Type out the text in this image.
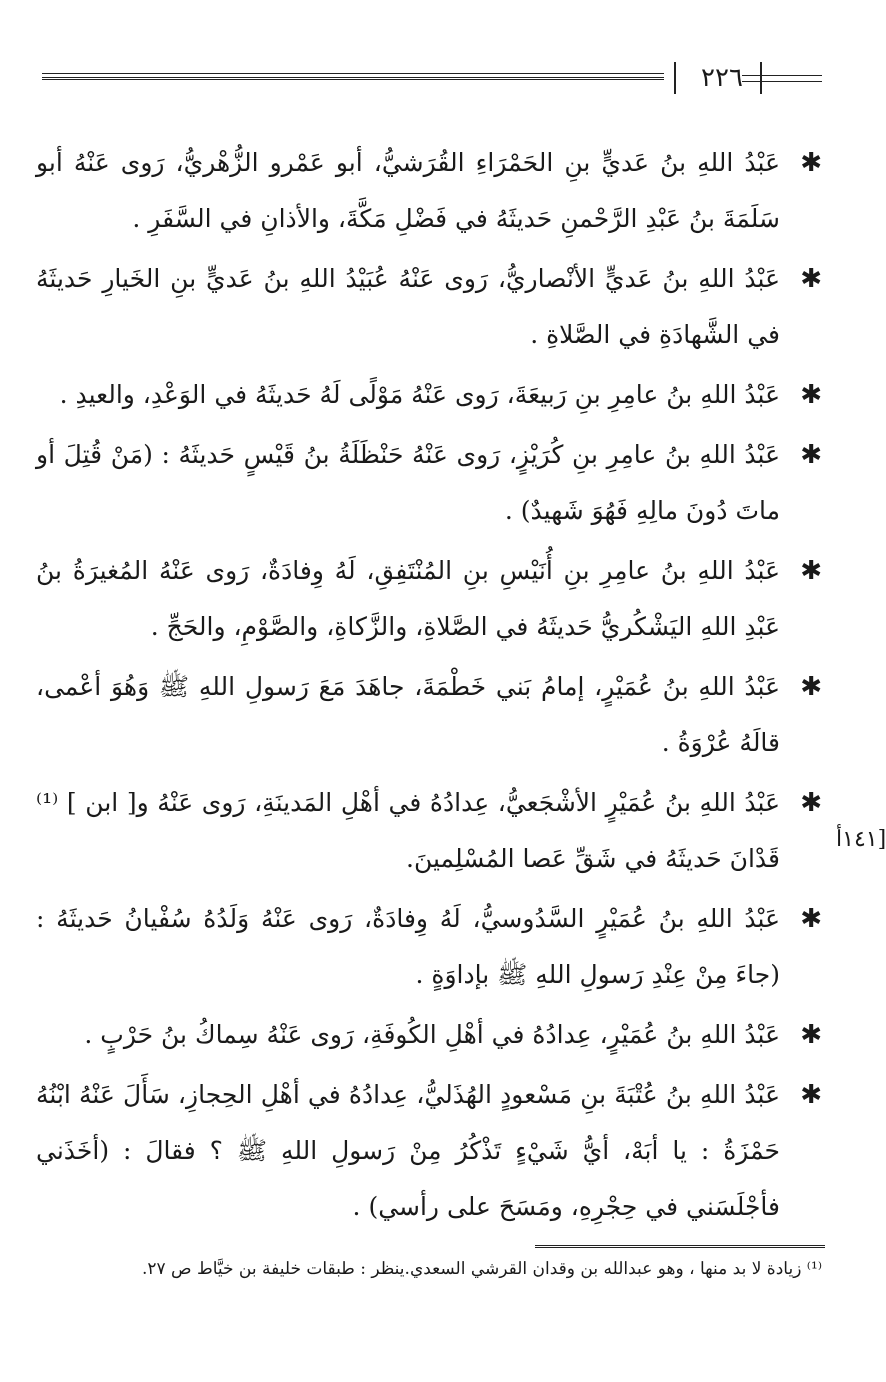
٢٢٦
✱
عَبْدُ اللهِ بنُ عَديٍّ بنِ الحَمْرَاءِ القُرَشيُّ، أبو عَمْرو الزُّهْريُّ، رَوى عَنْهُ أبو سَلَمَةَ بنُ عَبْدِ الرَّحْمنِ حَديثَهُ في فَضْلِ مَكَّةَ، والأذانِ في السَّفَرِ .
✱
عَبْدُ اللهِ بنُ عَديٍّ الأنْصاريُّ، رَوى عَنْهُ عُبَيْدُ اللهِ بنُ عَديٍّ بنِ الخَيارِ حَديثَهُ في الشَّهادَةِ في الصَّلاةِ .
✱
عَبْدُ اللهِ بنُ عامِرِ بنِ رَبيعَةَ، رَوى عَنْهُ مَوْلًى لَهُ حَديثَهُ في الوَعْدِ، والعيدِ .
✱
عَبْدُ اللهِ بنُ عامِرِ بنِ كُرَيْزٍ، رَوى عَنْهُ حَنْظَلَةُ بنُ قَيْسٍ حَديثَهُ : (مَنْ قُتِلَ أو ماتَ دُونَ مالِهِ فَهُوَ شَهيدٌ) .
✱
عَبْدُ اللهِ بنُ عامِرِ بنِ أُنَيْسِ بنِ المُنْتَفِقِ، لَهُ وِفادَةٌ، رَوى عَنْهُ المُغيرَةُ بنُ عَبْدِ اللهِ اليَشْكُريُّ حَديثَهُ في الصَّلاةِ، والزَّكاةِ، والصَّوْمِ، والحَجِّ .
✱
عَبْدُ اللهِ بنُ عُمَيْرٍ، إمامُ بَني خَطْمَةَ، جاهَدَ مَعَ رَسولِ اللهِ ﷺ وَهُوَ أعْمى، قالَهُ عُرْوَةُ .
✱
عَبْدُ اللهِ بنُ عُمَيْرٍ الأشْجَعيُّ، عِدادُهُ في أهْلِ المَدينَةِ، رَوى عَنْهُ و[ ابن ] ⁽¹⁾ قَدْانَ حَديثَهُ في شَقِّ عَصا المُسْلِمينَ.
✱
عَبْدُ اللهِ بنُ عُمَيْرٍ السَّدُوسيُّ، لَهُ وِفادَةٌ، رَوى عَنْهُ وَلَدُهُ سُفْيانُ حَديثَهُ : (جاءَ مِنْ عِنْدِ رَسولِ اللهِ ﷺ بإداوَةٍ .
✱
عَبْدُ اللهِ بنُ عُمَيْرٍ، عِدادُهُ في أهْلِ الكُوفَةِ، رَوى عَنْهُ سِماكُ بنُ حَرْبٍ .
✱
عَبْدُ اللهِ بنُ عُتْبَةَ بنِ مَسْعودٍ الهُذَليُّ، عِدادُهُ في أهْلِ الحِجازِ، سَأَلَ عَنْهُ ابْنُهُ حَمْزَةُ : يا أبَهْ، أيُّ شَيْءٍ تَذْكُرُ مِنْ رَسولِ اللهِ ﷺ ؟ فقالَ : (أخَذَني فأجْلَسَني في حِجْرِهِ، ومَسَحَ على رأسي) .
[١٤١أ
⁽¹⁾ زيادة لا بد منها ، وهو عبدالله بن وقدان القرشي السعدي.ينظر : طبقات خليفة بن خيَّاط ص ٢٧.
